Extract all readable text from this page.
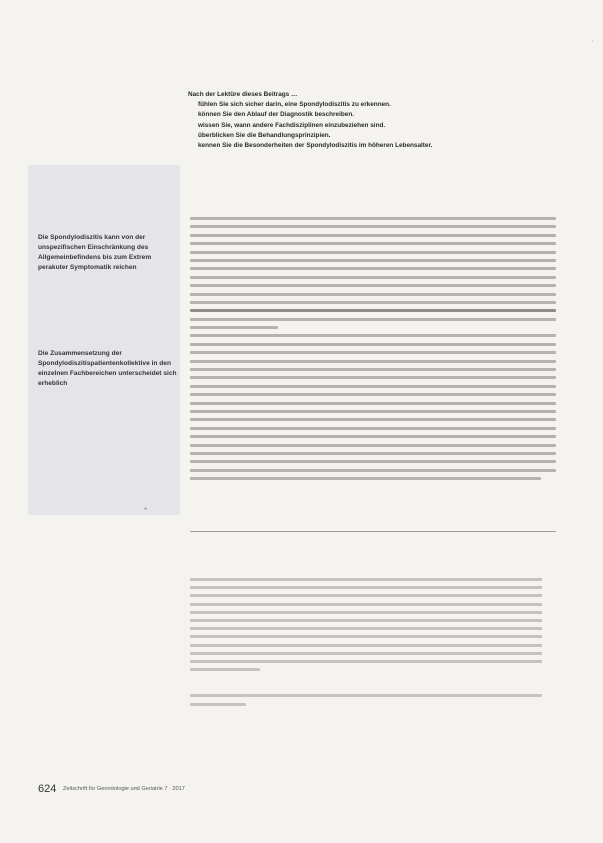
Die Spondylodiszitis kann von der unspezifischen Einschränkung des Allgemeinbefindens bis zum Extrem perakuter Symptomatik reichen
Die Zusammensetzung der Spondylodiszitispatientenkollektive in den einzelnen Fachbereichen unterscheidet sich erheblich
Nach der Lektüre dieses Beitrags …
fühlen Sie sich sicher darin, eine Spondylodiszitis zu erkennen.
können Sie den Ablauf der Diagnostik beschreiben.
wissen Sie, wann andere Fachdisziplinen einzubeziehen sind.
überblicken Sie die Behandlungsprinzipien.
kennen Sie die Besonderheiten der Spondylodiszitis im höheren Lebensalter.
*
'
624 Zeitschrift für Gerontologie und Geriatrie 7 · 2017
